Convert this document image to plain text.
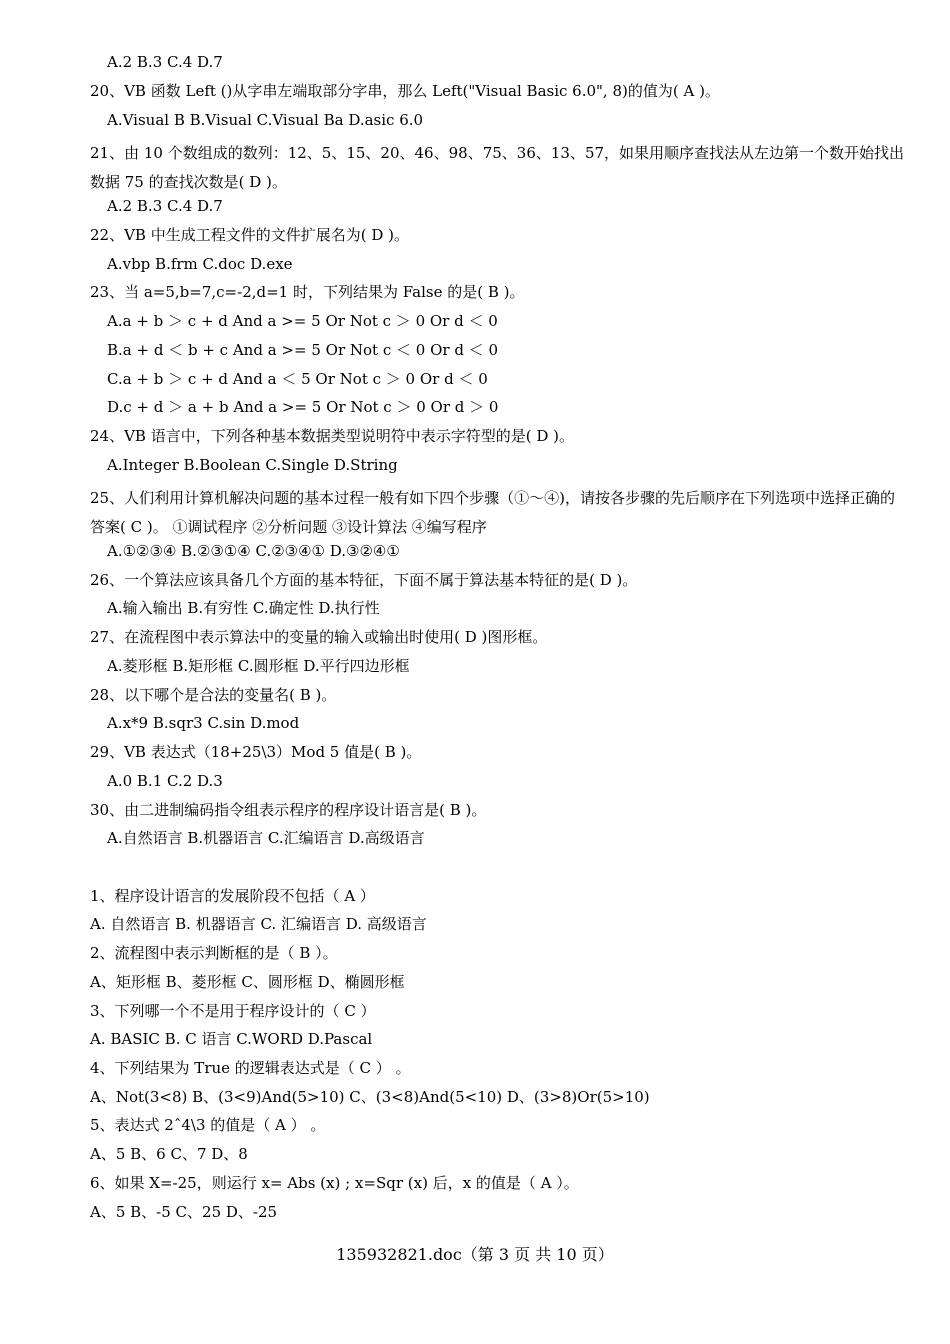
A.2 B.3 C.4 D.7
20、VB 函数 Left ()从字串左端取部分字串，那么 Left("Visual Basic 6.0", 8)的值为( A )。
A.Visual B B.Visual C.Visual Ba D.asic 6.0
21、由 10 个数组成的数列：12、5、15、20、46、98、75、36、13、57，如果用顺序查找法从左边第一个数开始找出数据 75 的查找次数是( D )。
A.2 B.3 C.4 D.7
22、VB 中生成工程文件的文件扩展名为( D )。
A.vbp B.frm C.doc D.exe
23、当 a=5,b=7,c=-2,d=1 时，下列结果为 False 的是( B )。
A.a + b ＞ c + d And a >= 5 Or Not c ＞ 0 Or d ＜ 0
B.a + d ＜ b + c And a >= 5 Or Not c ＜ 0 Or d ＜ 0
C.a + b ＞ c + d And a ＜ 5 Or Not c ＞ 0 Or d ＜ 0
D.c + d ＞ a + b And a >= 5 Or Not c ＞ 0 Or d ＞ 0
24、VB 语言中，下列各种基本数据类型说明符中表示字符型的是( D )。
A.Integer B.Boolean C.Single D.String
25、人们利用计算机解决问题的基本过程一般有如下四个步骤（①～④)，请按各步骤的先后顺序在下列选项中选择正确的答案( C )。 ①调试程序 ②分析问题 ③设计算法 ④编写程序
A.①②③④ B.②③①④ C.②③④① D.③②④①
26、一个算法应该具备几个方面的基本特征，下面不属于算法基本特征的是( D )。
A.输入输出 B.有穷性 C.确定性 D.执行性
27、在流程图中表示算法中的变量的输入或输出时使用( D )图形框。
A.菱形框 B.矩形框 C.圆形框 D.平行四边形框
28、以下哪个是合法的变量名( B )。
A.x*9 B.sqr3 C.sin D.mod
29、VB 表达式（18+25\3）Mod 5 值是( B )。
A.0 B.1 C.2 D.3
30、由二进制编码指令组表示程序的程序设计语言是( B )。
A.自然语言 B.机器语言 C.汇编语言 D.高级语言
1、程序设计语言的发展阶段不包括（ A ）
A. 自然语言 B. 机器语言 C. 汇编语言 D. 高级语言
2、流程图中表示判断框的是（ B ）。
A、矩形框 B、菱形框 C、圆形框 D、椭圆形框
3、下列哪一个不是用于程序设计的（ C ）
A. BASIC B. C 语言 C.WORD D.Pascal
4、下列结果为 True 的逻辑表达式是（ C ） 。
A、Not(3<8) B、(3<9)And(5>10) C、(3<8)And(5<10) D、(3>8)Or(5>10)
5、表达式 2ˆ4\3 的值是（ A ） 。
A、5 B、6 C、7 D、8
6、如果 X=-25，则运行 x= Abs (x) ; x=Sqr (x) 后，x 的值是（ A ）。
A、5 B、-5 C、25 D、-25
135932821.doc（第 3 页 共 10 页）
